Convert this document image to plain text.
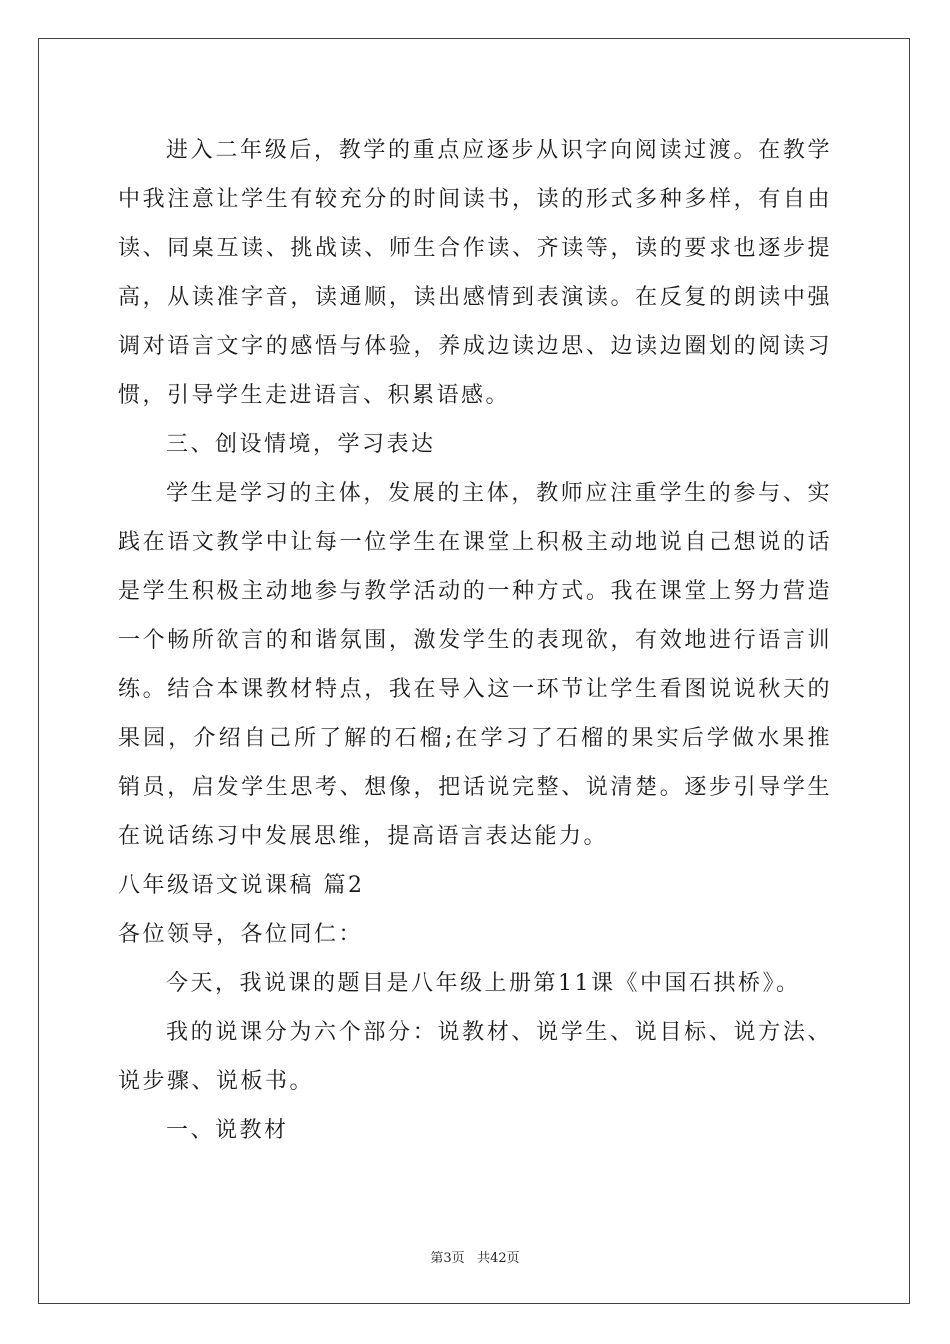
进入二年级后，教学的重点应逐步从识字向阅读过渡。在教学中我注意让学生有较充分的时间读书，读的形式多种多样，有自由读、同桌互读、挑战读、师生合作读、齐读等，读的要求也逐步提高，从读准字音，读通顺，读出感情到表演读。在反复的朗读中强调对语言文字的感悟与体验，养成边读边思、边读边圈划的阅读习惯，引导学生走进语言、积累语感。

三、创设情境，学习表达

学生是学习的主体，发展的主体，教师应注重学生的参与、实践在语文教学中让每一位学生在课堂上积极主动地说自己想说的话是学生积极主动地参与教学活动的一种方式。我在课堂上努力营造一个畅所欲言的和谐氛围，激发学生的表现欲，有效地进行语言训练。结合本课教材特点，我在导入这一环节让学生看图说说秋天的果园，介绍自己所了解的石榴;在学习了石榴的果实后学做水果推销员，启发学生思考、想像，把话说完整、说清楚。逐步引导学生在说话练习中发展思维，提高语言表达能力。

八年级语文说课稿 篇2

各位领导，各位同仁：

今天，我说课的题目是八年级上册第11课《中国石拱桥》。

我的说课分为六个部分：说教材、说学生、说目标、说方法、说步骤、说板书。

一、说教材

第3页 共42页
